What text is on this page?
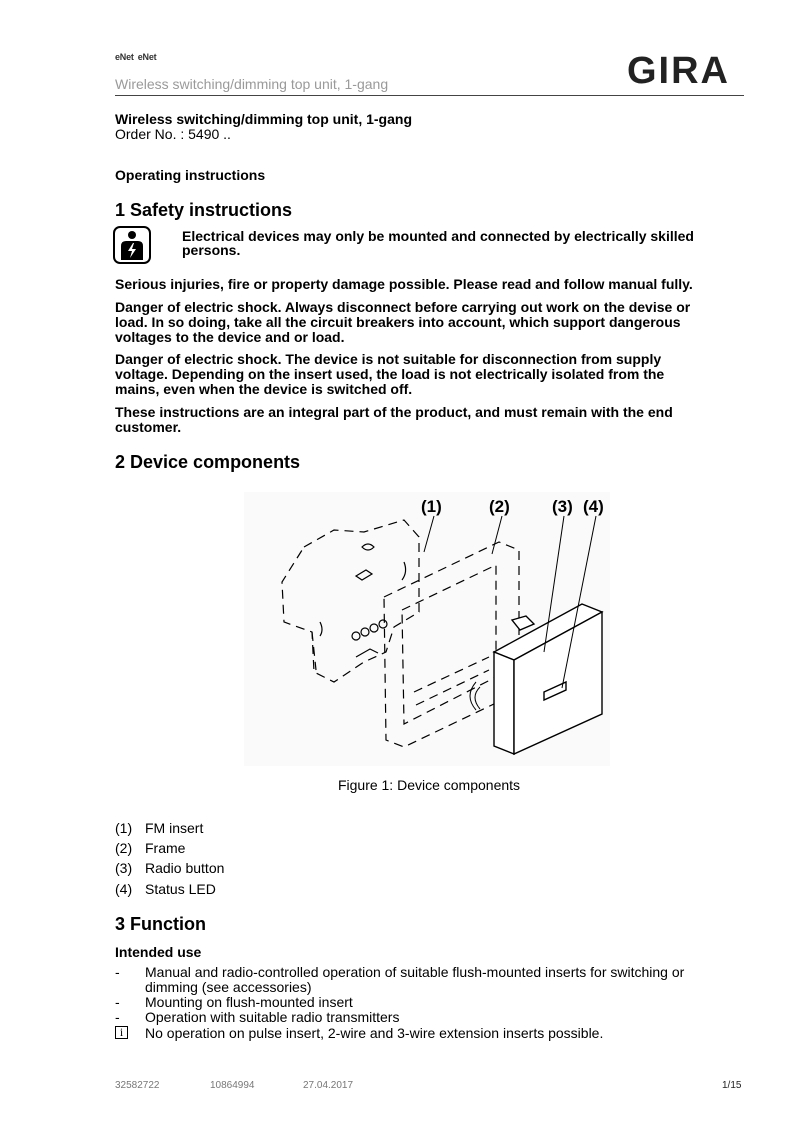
eNet eNet
Wireless switching/dimming top unit, 1-gang	GIRA
Wireless switching/dimming top unit, 1-gang
Order No. : 5490 ..
Operating instructions
1 Safety instructions
Electrical devices may only be mounted and connected by electrically skilled
persons.
Serious injuries, fire or property damage possible. Please read and follow manual fully.
Danger of electric shock. Always disconnect before carrying out work on the devise or
load. In so doing, take all the circuit breakers into account, which support dangerous
voltages to the device and or load.
Danger of electric shock. The device is not suitable for disconnection from supply
voltage. Depending on the insert used, the load is not electrically isolated from the
mains, even when the device is switched off.
These instructions are an integral part of the product, and must remain with the end
customer.
2 Device components
(1)	(2) (3) (4)
Figure 1: Device components
(1) FM insert
(2) Frame
(3) Radio button
(4) Status LED
3 Function
Intended use
- Manual and radio-controlled operation of suitable flush-mounted inserts for switching or
dimming (see accessories)
- Mounting on flush-mounted insert
- Operation with suitable radio transmitters
i	No operation on pulse insert, 2-wire and 3-wire extension inserts possible.
32582722	10864994	27.04.2017	1/15
